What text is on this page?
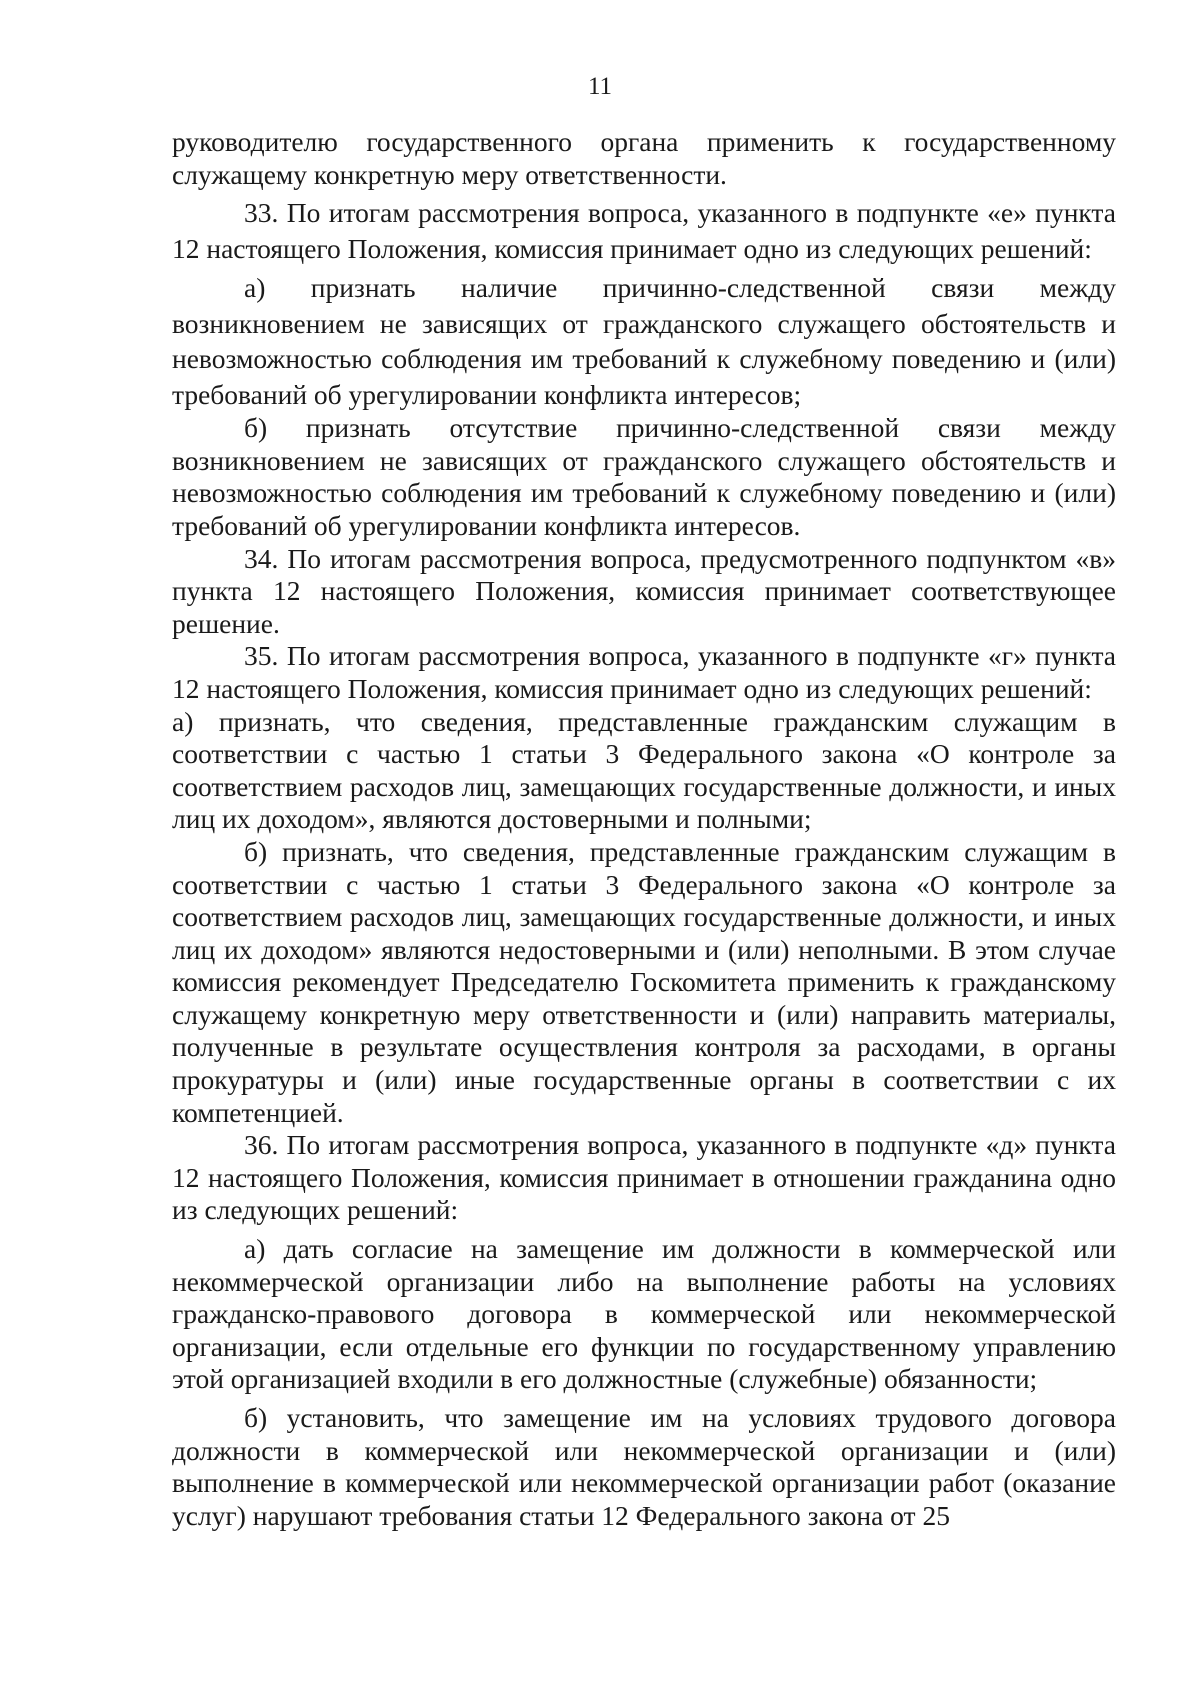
11

руководителю государственного органа применить к государственному служащему конкретную меру ответственности.

33. По итогам рассмотрения вопроса, указанного в подпункте «е» пункта 12 настоящего Положения, комиссия принимает одно из следующих решений:

а) признать наличие причинно-следственной связи между возникновением не зависящих от гражданского служащего обстоятельств и невозможностью соблюдения им требований к служебному поведению и (или) требований об урегулировании конфликта интересов;

б) признать отсутствие причинно-следственной связи между возникновением не зависящих от гражданского служащего обстоятельств и невозможностью соблюдения им требований к служебному поведению и (или) требований об урегулировании конфликта интересов.

34. По итогам рассмотрения вопроса, предусмотренного подпунктом «в» пункта 12 настоящего Положения, комиссия принимает соответствующее решение.

35. По итогам рассмотрения вопроса, указанного в подпункте «г» пункта 12 настоящего Положения, комиссия принимает одно из следующих решений:

а) признать, что сведения, представленные гражданским служащим в соответствии с частью 1 статьи 3 Федерального закона «О контроле за соответствием расходов лиц, замещающих государственные должности, и иных лиц их доходом», являются достоверными и полными;

б) признать, что сведения, представленные гражданским служащим в соответствии с частью 1 статьи 3 Федерального закона «О контроле за соответствием расходов лиц, замещающих государственные должности, и иных лиц их доходом» являются недостоверными и (или) неполными. В этом случае комиссия рекомендует Председателю Госкомитета применить к гражданскому служащему конкретную меру ответственности и (или) направить материалы, полученные в результате осуществления контроля за расходами, в органы прокуратуры и (или) иные государственные органы в соответствии с их компетенцией.

36. По итогам рассмотрения вопроса, указанного в подпункте «д» пункта 12 настоящего Положения, комиссия принимает в отношении гражданина одно из следующих решений:

а) дать согласие на замещение им должности в коммерческой или некоммерческой организации либо на выполнение работы на условиях гражданско-правового договора в коммерческой или некоммерческой организации, если отдельные его функции по государственному управлению этой организацией входили в его должностные (служебные) обязанности;

б) установить, что замещение им на условиях трудового договора должности в коммерческой или некоммерческой организации и (или) выполнение в коммерческой или некоммерческой организации работ (оказание услуг) нарушают требования статьи 12 Федерального закона от 25
